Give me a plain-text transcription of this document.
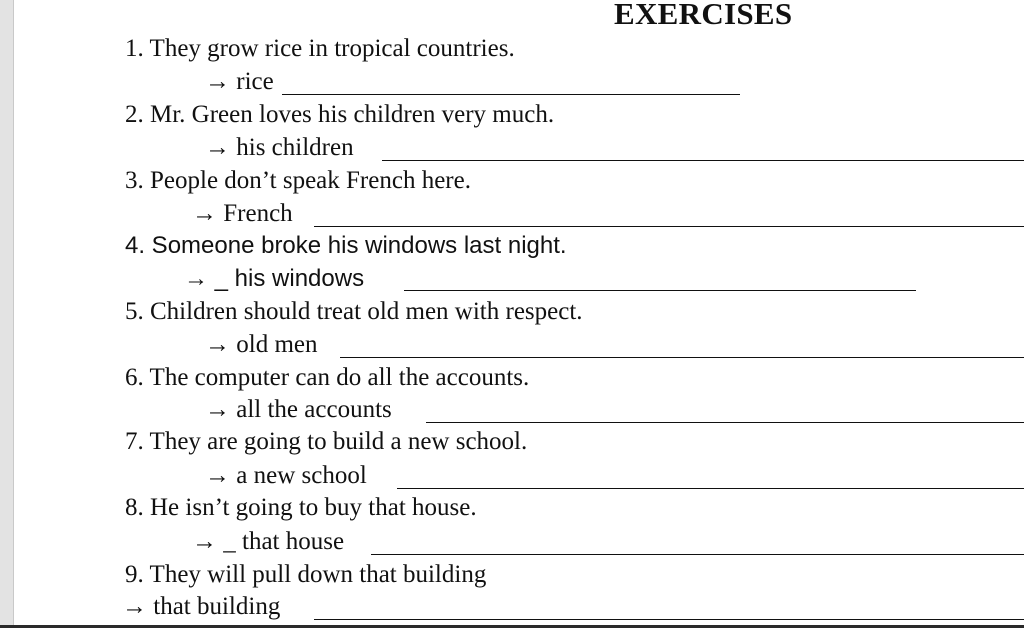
EXERCISES
1. They grow rice in tropical countries.
→ rice
2. Mr. Green loves his children very much.
→ his children
3. People don’t speak French here.
→ French
4. Someone broke his windows last night.
→ _ his windows
5. Children should treat old men with respect.
→ old men
6. The computer can do all the accounts.
→ all the accounts
7. They are going to build a new school.
→ a new school
8. He isn’t going to buy that house.
→ _ that house
9. They will pull down that building
→ that building
